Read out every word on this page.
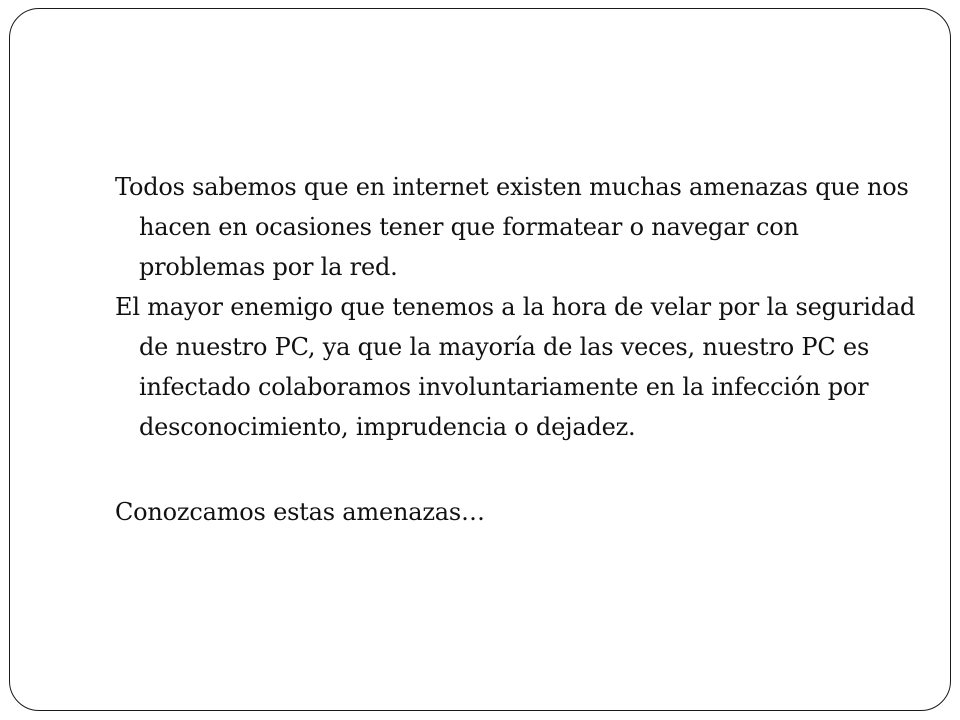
Todos sabemos que en internet existen muchas amenazas que nos hacen en ocasiones tener que formatear o navegar con problemas por la red.

El mayor enemigo que tenemos a la hora de velar por la seguridad de nuestro PC, ya que la mayoría de las veces, nuestro PC es infectado colaboramos involuntariamente en la infección por desconocimiento, imprudencia o dejadez.

Conozcamos estas amenazas…
